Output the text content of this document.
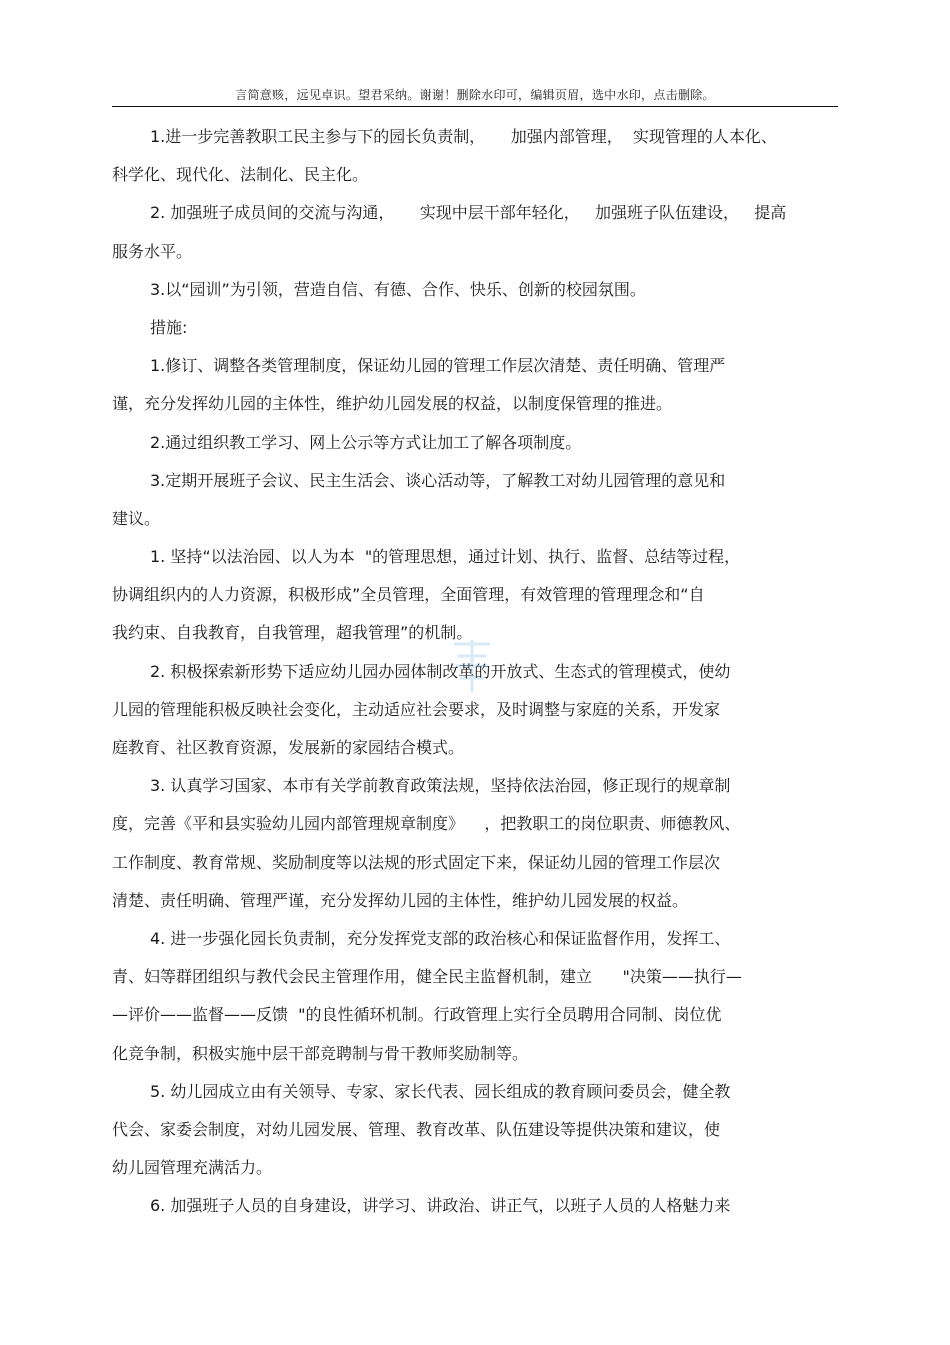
言简意赅，远见卓识。望君采纳。谢谢！删除水印可，编辑页眉，选中水印，点击删除。
1.进一步完善教职工民主参与下的园长负责制，     加强内部管理，  实现管理的人本化、
科学化、现代化、法制化、民主化。
2. 加强班子成员间的交流与沟通，     实现中层干部年轻化，   加强班子队伍建设，   提高
服务水平。
3.以“园训”为引领，营造自信、有德、合作、快乐、创新的校园氛围。
措施:
1.修订、调整各类管理制度，保证幼儿园的管理工作层次清楚、责任明确、管理严
谨，充分发挥幼儿园的主体性，维护幼儿园发展的权益，以制度保管理的推进。
2.通过组织教工学习、网上公示等方式让加工了解各项制度。
3.定期开展班子会议、民主生活会、谈心活动等，了解教工对幼儿园管理的意见和
建议。
1. 坚持“以法治园、以人为本  "的管理思想，通过计划、执行、监督、总结等过程，
协调组织内的人力资源，积极形成”全员管理，全面管理，有效管理的管理理念和“自
我约束、自我教育，自我管理，超我管理”的机制。
2. 积极探索新形势下适应幼儿园办园体制改革的开放式、生态式的管理模式，使幼
儿园的管理能积极反映社会变化，主动适应社会要求，及时调整与家庭的关系，开发家
庭教育、社区教育资源，发展新的家园结合模式。
3. 认真学习国家、本市有关学前教育政策法规，坚持依法治园，修正现行的规章制
度，完善《平和县实验幼儿园内部管理规章制度》    ，把教职工的岗位职责、师德教风、
工作制度、教育常规、奖励制度等以法规的形式固定下来，保证幼儿园的管理工作层次
清楚、责任明确、管理严谨，充分发挥幼儿园的主体性，维护幼儿园发展的权益。
4. 进一步强化园长负责制，充分发挥党支部的政治核心和保证监督作用，发挥工、
青、妇等群团组织与教代会民主管理作用，健全民主监督机制，建立      "决策——执行—
—评价——监督——反馈  "的良性循环机制。行政管理上实行全员聘用合同制、岗位优
化竞争制，积极实施中层干部竞聘制与骨干教师奖励制等。
5. 幼儿园成立由有关领导、专家、家长代表、园长组成的教育顾问委员会，健全教
代会、家委会制度，对幼儿园发展、管理、教育改革、队伍建设等提供决策和建议，使
幼儿园管理充满活力。
6. 加强班子人员的自身建设，讲学习、讲政治、讲正气，以班子人员的人格魅力来
